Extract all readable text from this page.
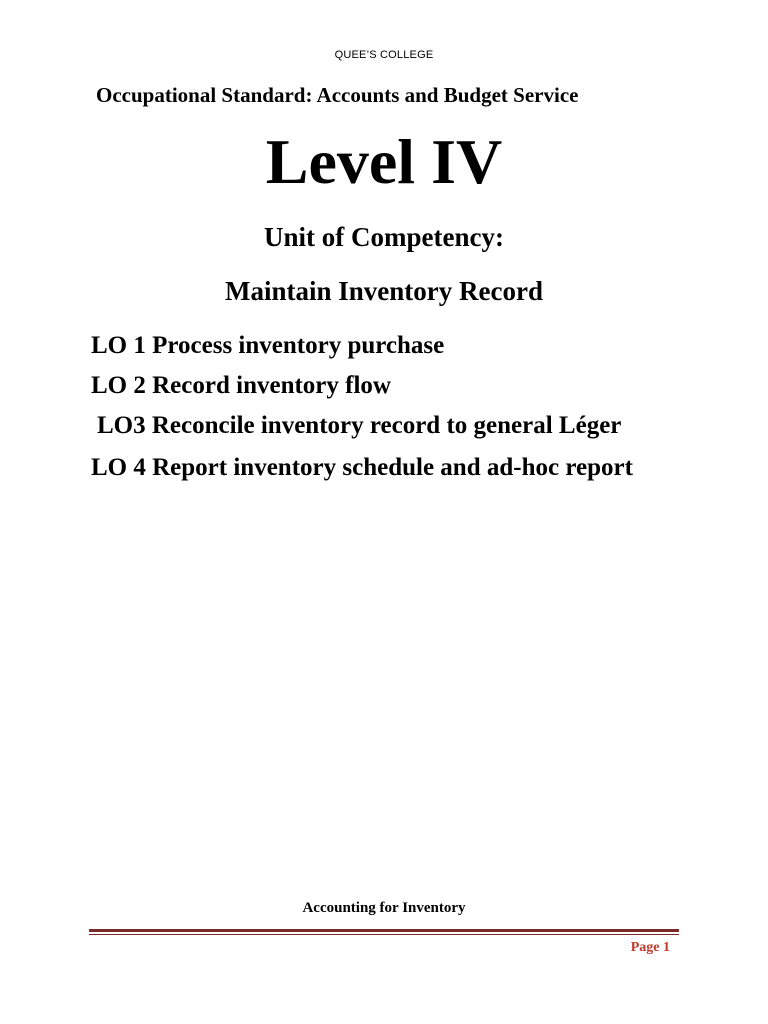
QUEE’S COLLEGE
Occupational Standard: Accounts and Budget Service
Level IV
Unit of Competency:
Maintain Inventory Record
LO 1 Process inventory purchase
LO 2 Record inventory flow
LO3 Reconcile inventory record to general Léger
LO 4 Report inventory schedule and ad-hoc report
Accounting for Inventory
Page 1
